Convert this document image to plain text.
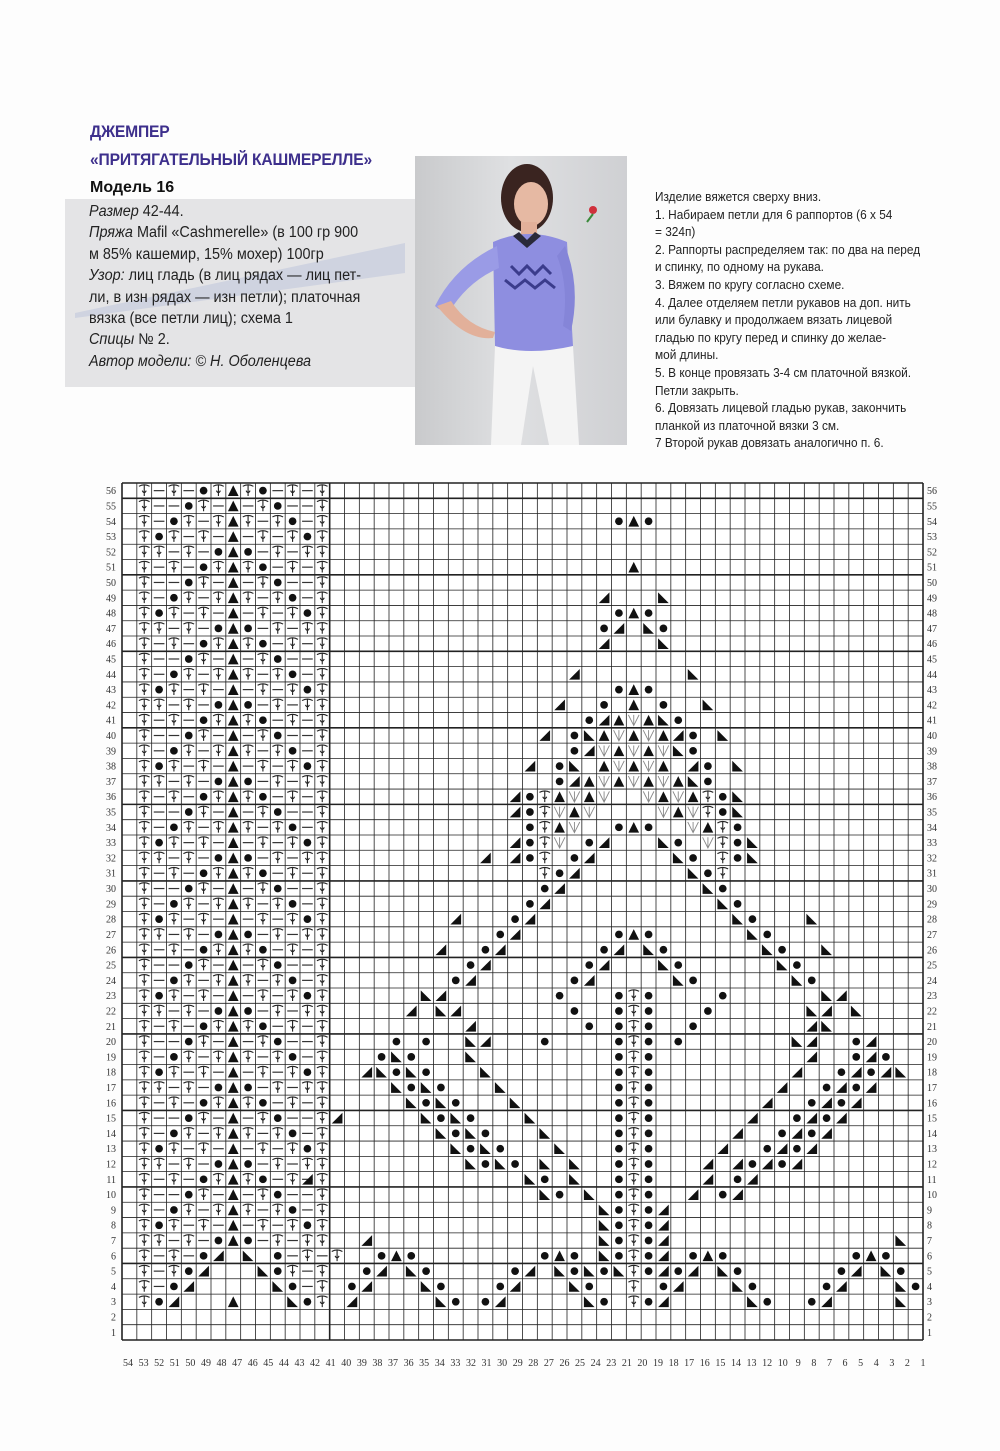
ДЖЕМПЕР
«ПРИТЯГАТЕЛЬНЫЙ КАШМЕРЕЛЛЕ»
Модель 16
Размер 42-44.
Пряжа Mafil «Cashmerelle» (в 100 гр 900
м 85% кашемир, 15% мохер) 100гр
Узор: лиц гладь (в лиц рядах — лиц пет-
ли, в изн рядах — изн петли); платочная
вязка (все петли лиц); схема 1
Спицы № 2.
Автор модели: © Н. Оболенцева
Изделие вяжется сверху вниз.
1. Набираем петли для 6 раппортов (6 х 54
= 324п)
2. Раппорты распределяем так: по два на перед
и спинку, по одному на рукава.
3. Вяжем по кругу согласно схеме.
4. Далее отделяем петли рукавов на доп. нить
или булавку и продолжаем вязать лицевой
гладью по кругу перед и спинку до желае-
мой длины.
5. В конце провязать 3-4 см платочной вязкой.
Петли закрыть.
6. Довязать лицевой гладью рукав, закончить
планкой из платочной вязки 3 см.
7 Второй рукав довязать аналогично п. 6.
56
55
54
53
52
51
50
49
48
47
46
45
44
43
42
41
40
39
38
37
36
35
34
33
32
31
30
29
28
27
26
25
24
23
22
21
20
19
18
17
16
15
14
13
12
11
10
9
8
7
6
5
4
3
2
1
56
55
54
53
52
51
50
49
48
47
46
45
44
43
42
41
40
39
38
37
36
35
34
33
32
31
30
29
28
27
26
25
24
23
22
21
20
19
18
17
16
15
14
13
12
11
10
9
8
7
6
5
4
3
2
1
54 53 52 51 50 49 48 47 46 45 44 43 42 41 40 39 38 37 36 35 34 33 32 31 30 29 28 27 26 25 24 23 21 20 19 18 17 16 15 14 13 12 10 9 8 7 6 5 4 3 2 1
